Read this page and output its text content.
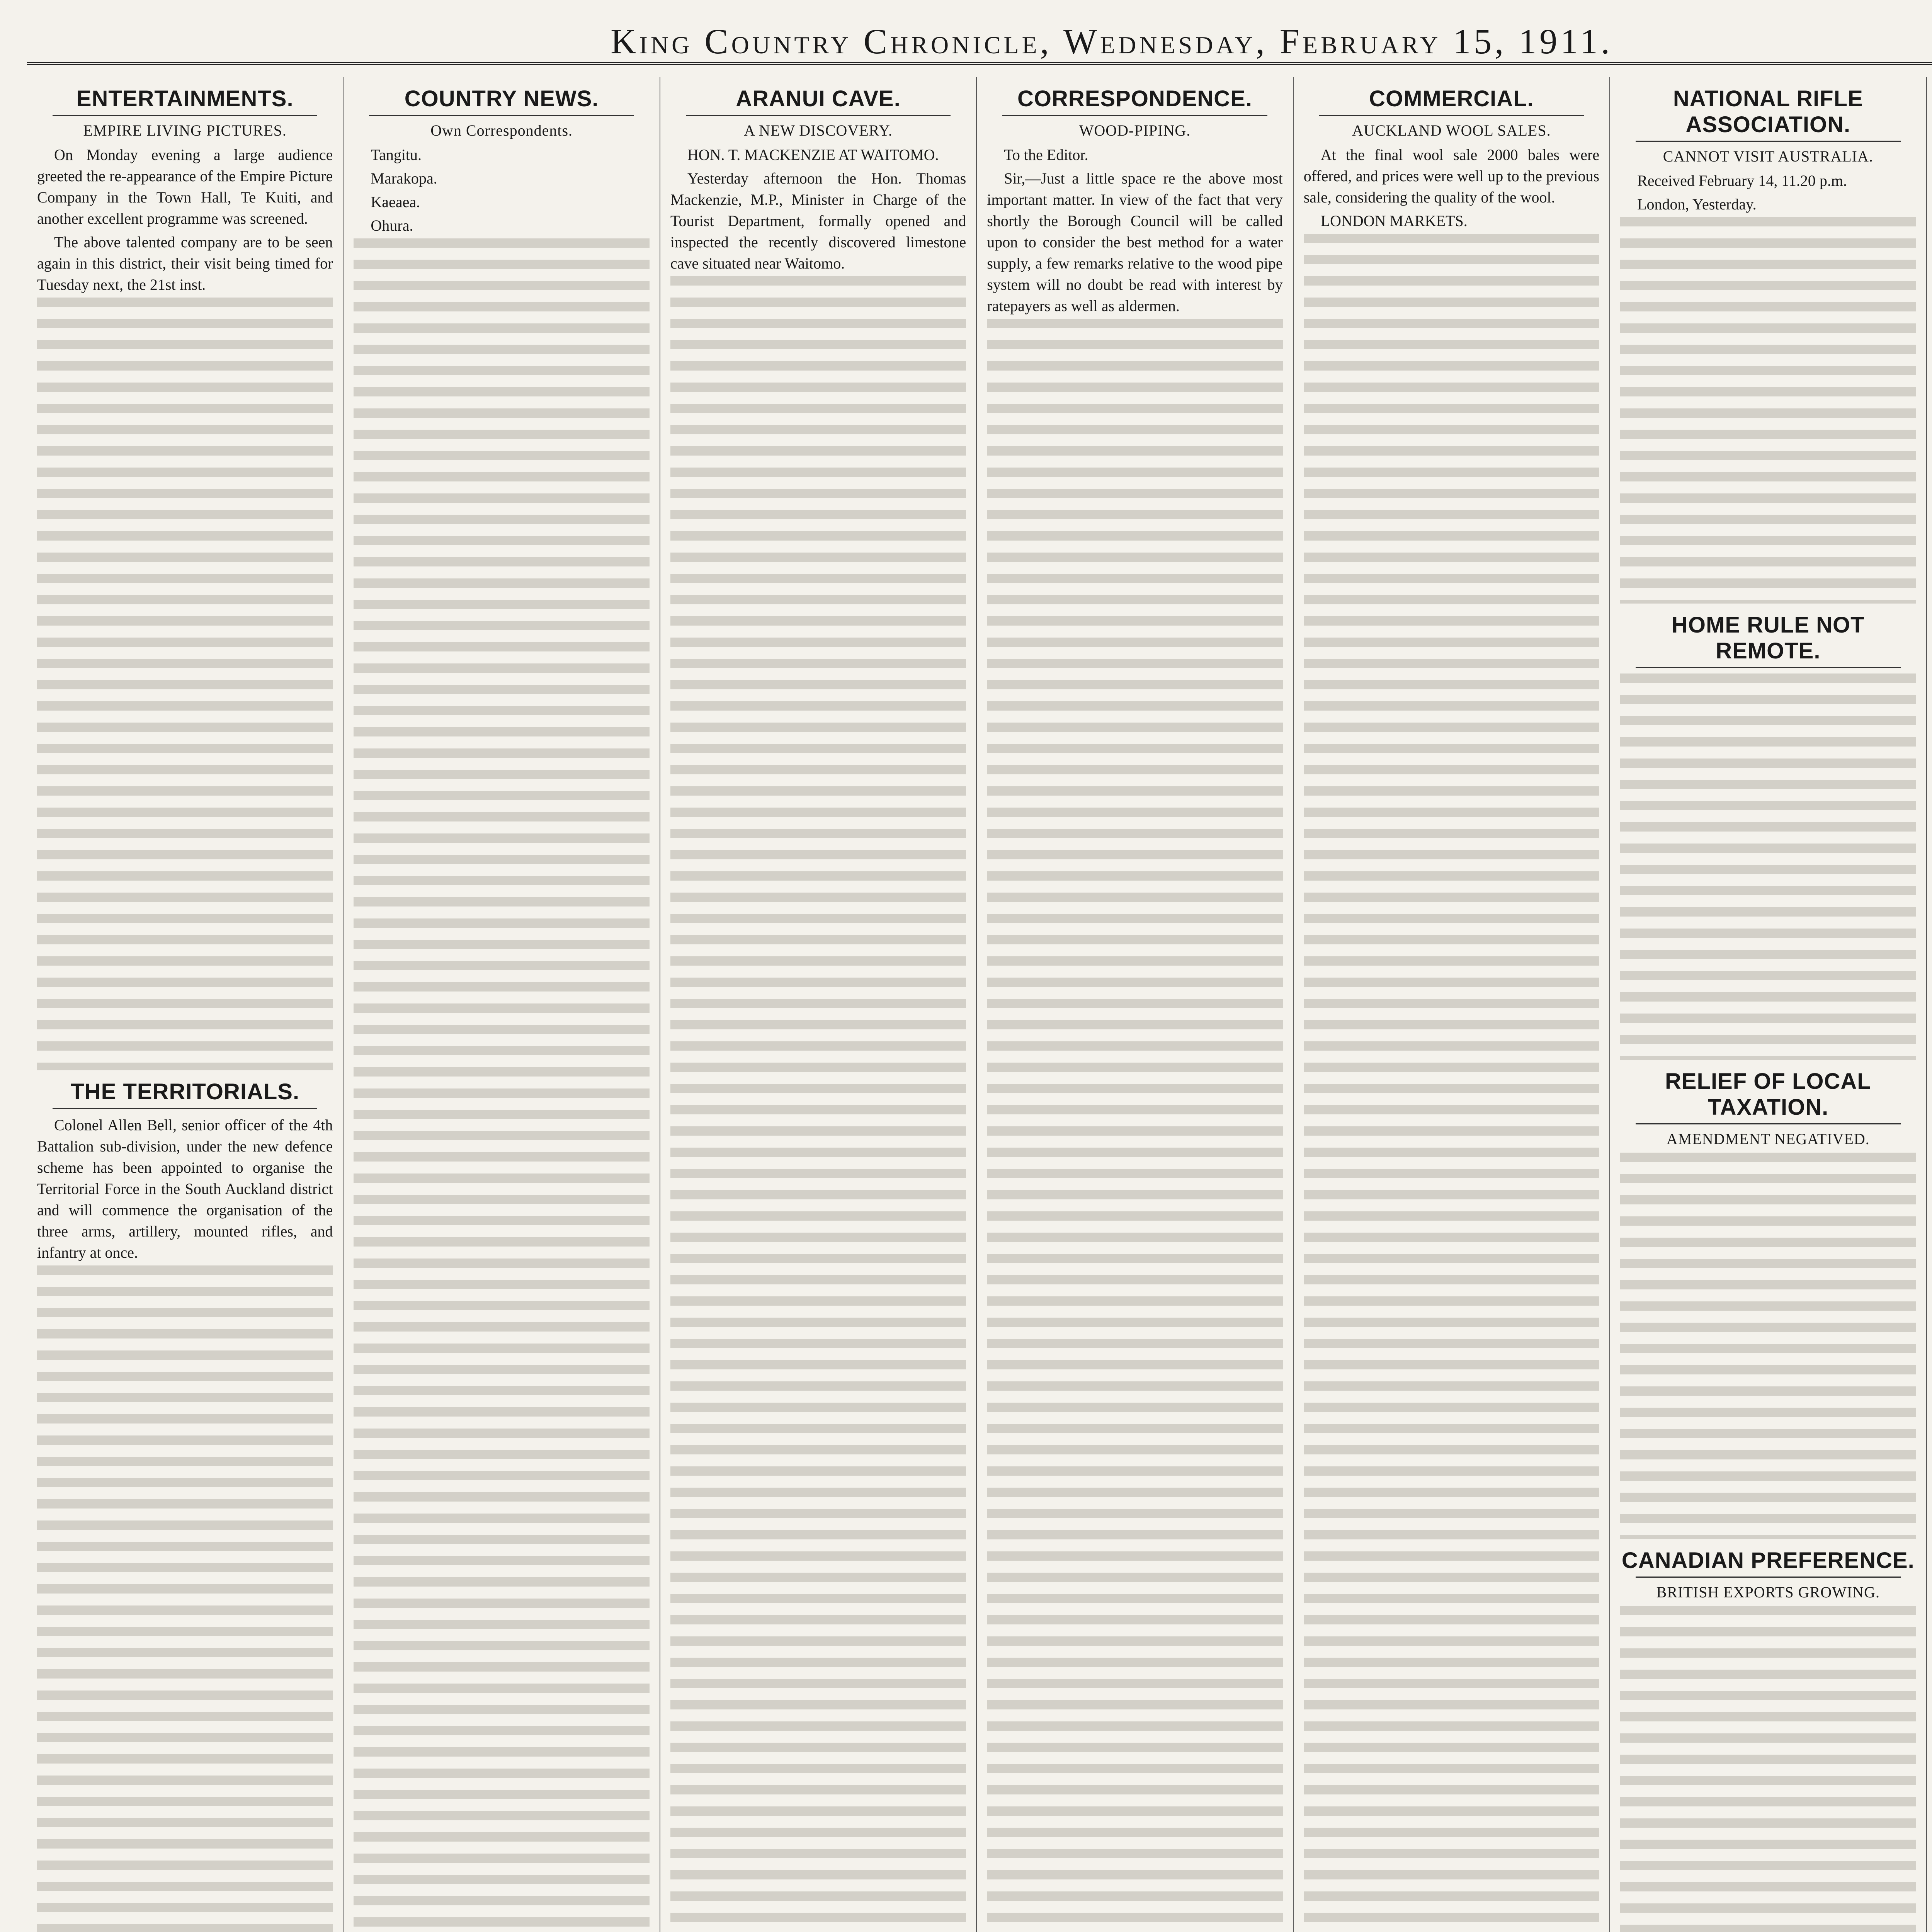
King Country Chronicle, Wednesday, February 15, 1911.
ENTERTAINMENTS.
EMPIRE LIVING PICTURES.

On Monday evening a large audience greeted the re-appearance of the Empire Picture Company in the Town Hall, Te Kuiti, and another excellent programme was screened.

The above talented company are to be seen again in this district, their visit being timed for Tuesday next, the 21st inst.

THE TERRITORIALS.

Colonel Allen Bell, senior officer of the 4th Battalion sub-division, under the new defence scheme has been appointed to organise the Territorial Force in the South Auckland district and will commence the organisation of the three arms, artillery, mounted rifles, and infantry at once.

COUNTRY NEWS.
Own Correspondents.

Tangitu.

Marakopa.

Kaeaea.

Ohura.

ARANUI CAVE.
A NEW DISCOVERY.

HON. T. MACKENZIE AT WAITOMO.

Yesterday afternoon the Hon. Thomas Mackenzie, M.P., Minister in Charge of the Tourist Department, formally opened and inspected the recently discovered limestone cave situated near Waitomo.

CORRESPONDENCE.
WOOD-PIPING.

To the Editor.

Sir,—Just a little space re the above most important matter. In view of the fact that very shortly the Borough Council will be called upon to consider the best method for a water supply, a few remarks relative to the wood pipe system will no doubt be read with interest by ratepayers as well as aldermen.

COMMERCIAL.
AUCKLAND WOOL SALES.

At the final wool sale 2000 bales were offered, and prices were well up to the previous sale, considering the quality of the wool.

LONDON MARKETS.

NATIONAL RIFLE ASSOCIATION.
CANNOT VISIT AUSTRALIA.

Received February 14, 11.20 p.m.

London, Yesterday.

HOME RULE NOT REMOTE.
RELIEF OF LOCAL TAXATION.
AMENDMENT NEGATIVED.
CANADIAN PREFERENCE.
BRITISH EXPORTS GROWING.
